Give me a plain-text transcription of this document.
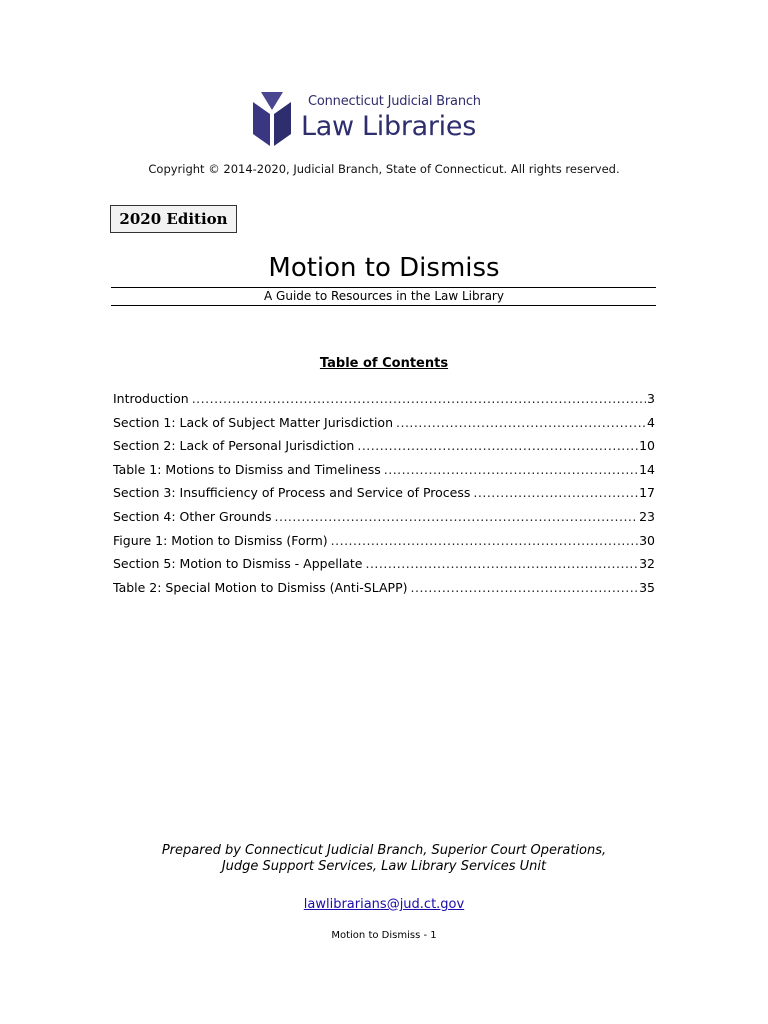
Connecticut Judicial Branch
Law Libraries
Copyright © 2014-2020, Judicial Branch, State of Connecticut. All rights reserved.
2020 Edition
Motion to Dismiss
A Guide to Resources in the Law Library
Table of Contents
Introduction .....	3
Section 1: Lack of Subject Matter Jurisdiction .....	4
Section 2: Lack of Personal Jurisdiction .....	10
Table 1: Motions to Dismiss and Timeliness .....	14
Section 3: Insufficiency of Process and Service of Process .....	17
Section 4: Other Grounds .....	23
Figure 1: Motion to Dismiss (Form) .....	30
Section 5: Motion to Dismiss - Appellate .....	32
Table 2: Special Motion to Dismiss (Anti-SLAPP) .....	35
Prepared by Connecticut Judicial Branch, Superior Court Operations,
Judge Support Services, Law Library Services Unit
lawlibrarians@jud.ct.gov
Motion to Dismiss - 1
